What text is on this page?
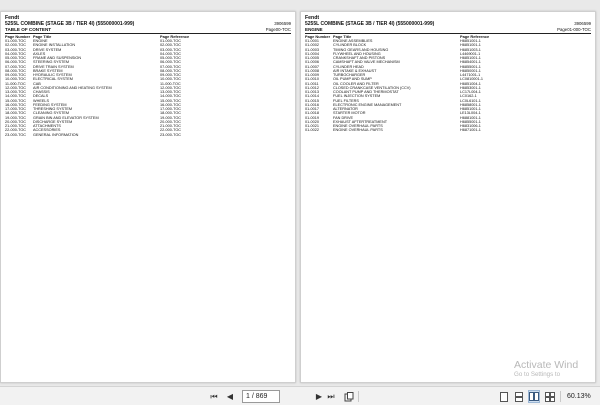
Fendt
5255L COMBINE (STAGE 3B / TIER 4I) (555000001-999)	3906599
TABLE OF CONTENT	Page00-TOC
Page Number Page Title	Page Reference
01-000-TOC	ENGINE	01-000-TOC
02-000-TOC	ENGINE INSTALLATION	02-000-TOC
03-000-TOC	DRIVE SYSTEM	03-000-TOC
04-000-TOC	AXLES	04-000-TOC
05-000-TOC	FRAME AND SUSPENSION	05-000-TOC
06-000-TOC	STEERING SYSTEM	06-000-TOC
07-000-TOC	DRIVE TRAIN SYSTEM	07-000-TOC
08-000-TOC	BRAKE SYSTEM	08-000-TOC
09-000-TOC	HYDRAULIC SYSTEM	09-000-TOC
10-000-TOC	ELECTRICAL SYSTEM	10-000-TOC
11-000-TOC	CAB	11-000-TOC
12-000-TOC	AIR CONDITIONING AND HEATING SYSTEM	12-000-TOC
13-000-TOC	CHASSIS	13-000-TOC
14-000-TOC	DECALS	14-000-TOC
15-000-TOC	WHEELS	15-000-TOC
16-000-TOC	FEEDING SYSTEM	16-000-TOC
17-000-TOC	THRESHING SYSTEM	17-000-TOC
18-000-TOC	CLEANING SYSTEM	18-000-TOC
19-000-TOC	GRAIN BIN AND ELEVATOR SYSTEM	19-000-TOC
20-000-TOC	DISCHARGE SYSTEM	20-000-TOC
21-000-TOC	ATTACHMENTS	21-000-TOC
22-000-TOC	ACCESSORIES	22-000-TOC
23-000-TOC	GENERAL INFORMATION	23-000-TOC
Fendt
5255L COMBINE (STAGE 3B / TIER 4I) (555000001-999)	3906599
ENGINE	Page01-000-TOC
Page Number Page Title	Page Reference
01-0001	ENGINE ASSEMBLIES	H6851001-1
01-0002	CYLINDER BLOCK	H6851001-1
01-0003	TIMING GEARS AND HOUSING	H6851003-1
01-0004	FLYWHEEL AND HOUSING	L4469001-1
01-0005	CRANKSHAFT AND PISTONS	H6851001-1
01-0006	CAMSHAFT AND VALVE MECHANISM	H6854001-1
01-0007	CYLINDER HEAD	H6855001-1
01-0008	AIR INTAKE & EXHAUST	H6850001-1
01-0009	TURBOCHARGER	L4471001-1
01-0010	OIL PUMP AND SUMP	LC0810001-1
01-0011	OIL COOLER AND FILTER	H6851004-1
01-0012	CLOSED CRANKCASE VENTILATION (CCV)	H6853001-1
01-0013	COOLANT PUMP AND THERMOSTAT	LC17L004-1
01-0014	FUEL INJECTION SYSTEM	LC0162-1
01-0015	FUEL FILTERS	LC0L6101-1
01-0016	ELECTRONIC ENGINE MANAGEMENT	H6858001-1
01-0017	ALTERNATOR	H6851001-1
01-0018	STARTER MOTOR	LE13L004-1
01-0019	FAN DRIVE	H6881001-1
01-0020	EXHAUST AFTERTREATMENT	H6855001-1
01-0021	ENGINE OVERHAUL PARTS	H6831006-1
01-0022	ENGINE OVERHAUL PARTS	H6871001-1
Activate Wind
Go to Settings to
⏮ ◀	1 / 869	▶ ⏭	60.13%
